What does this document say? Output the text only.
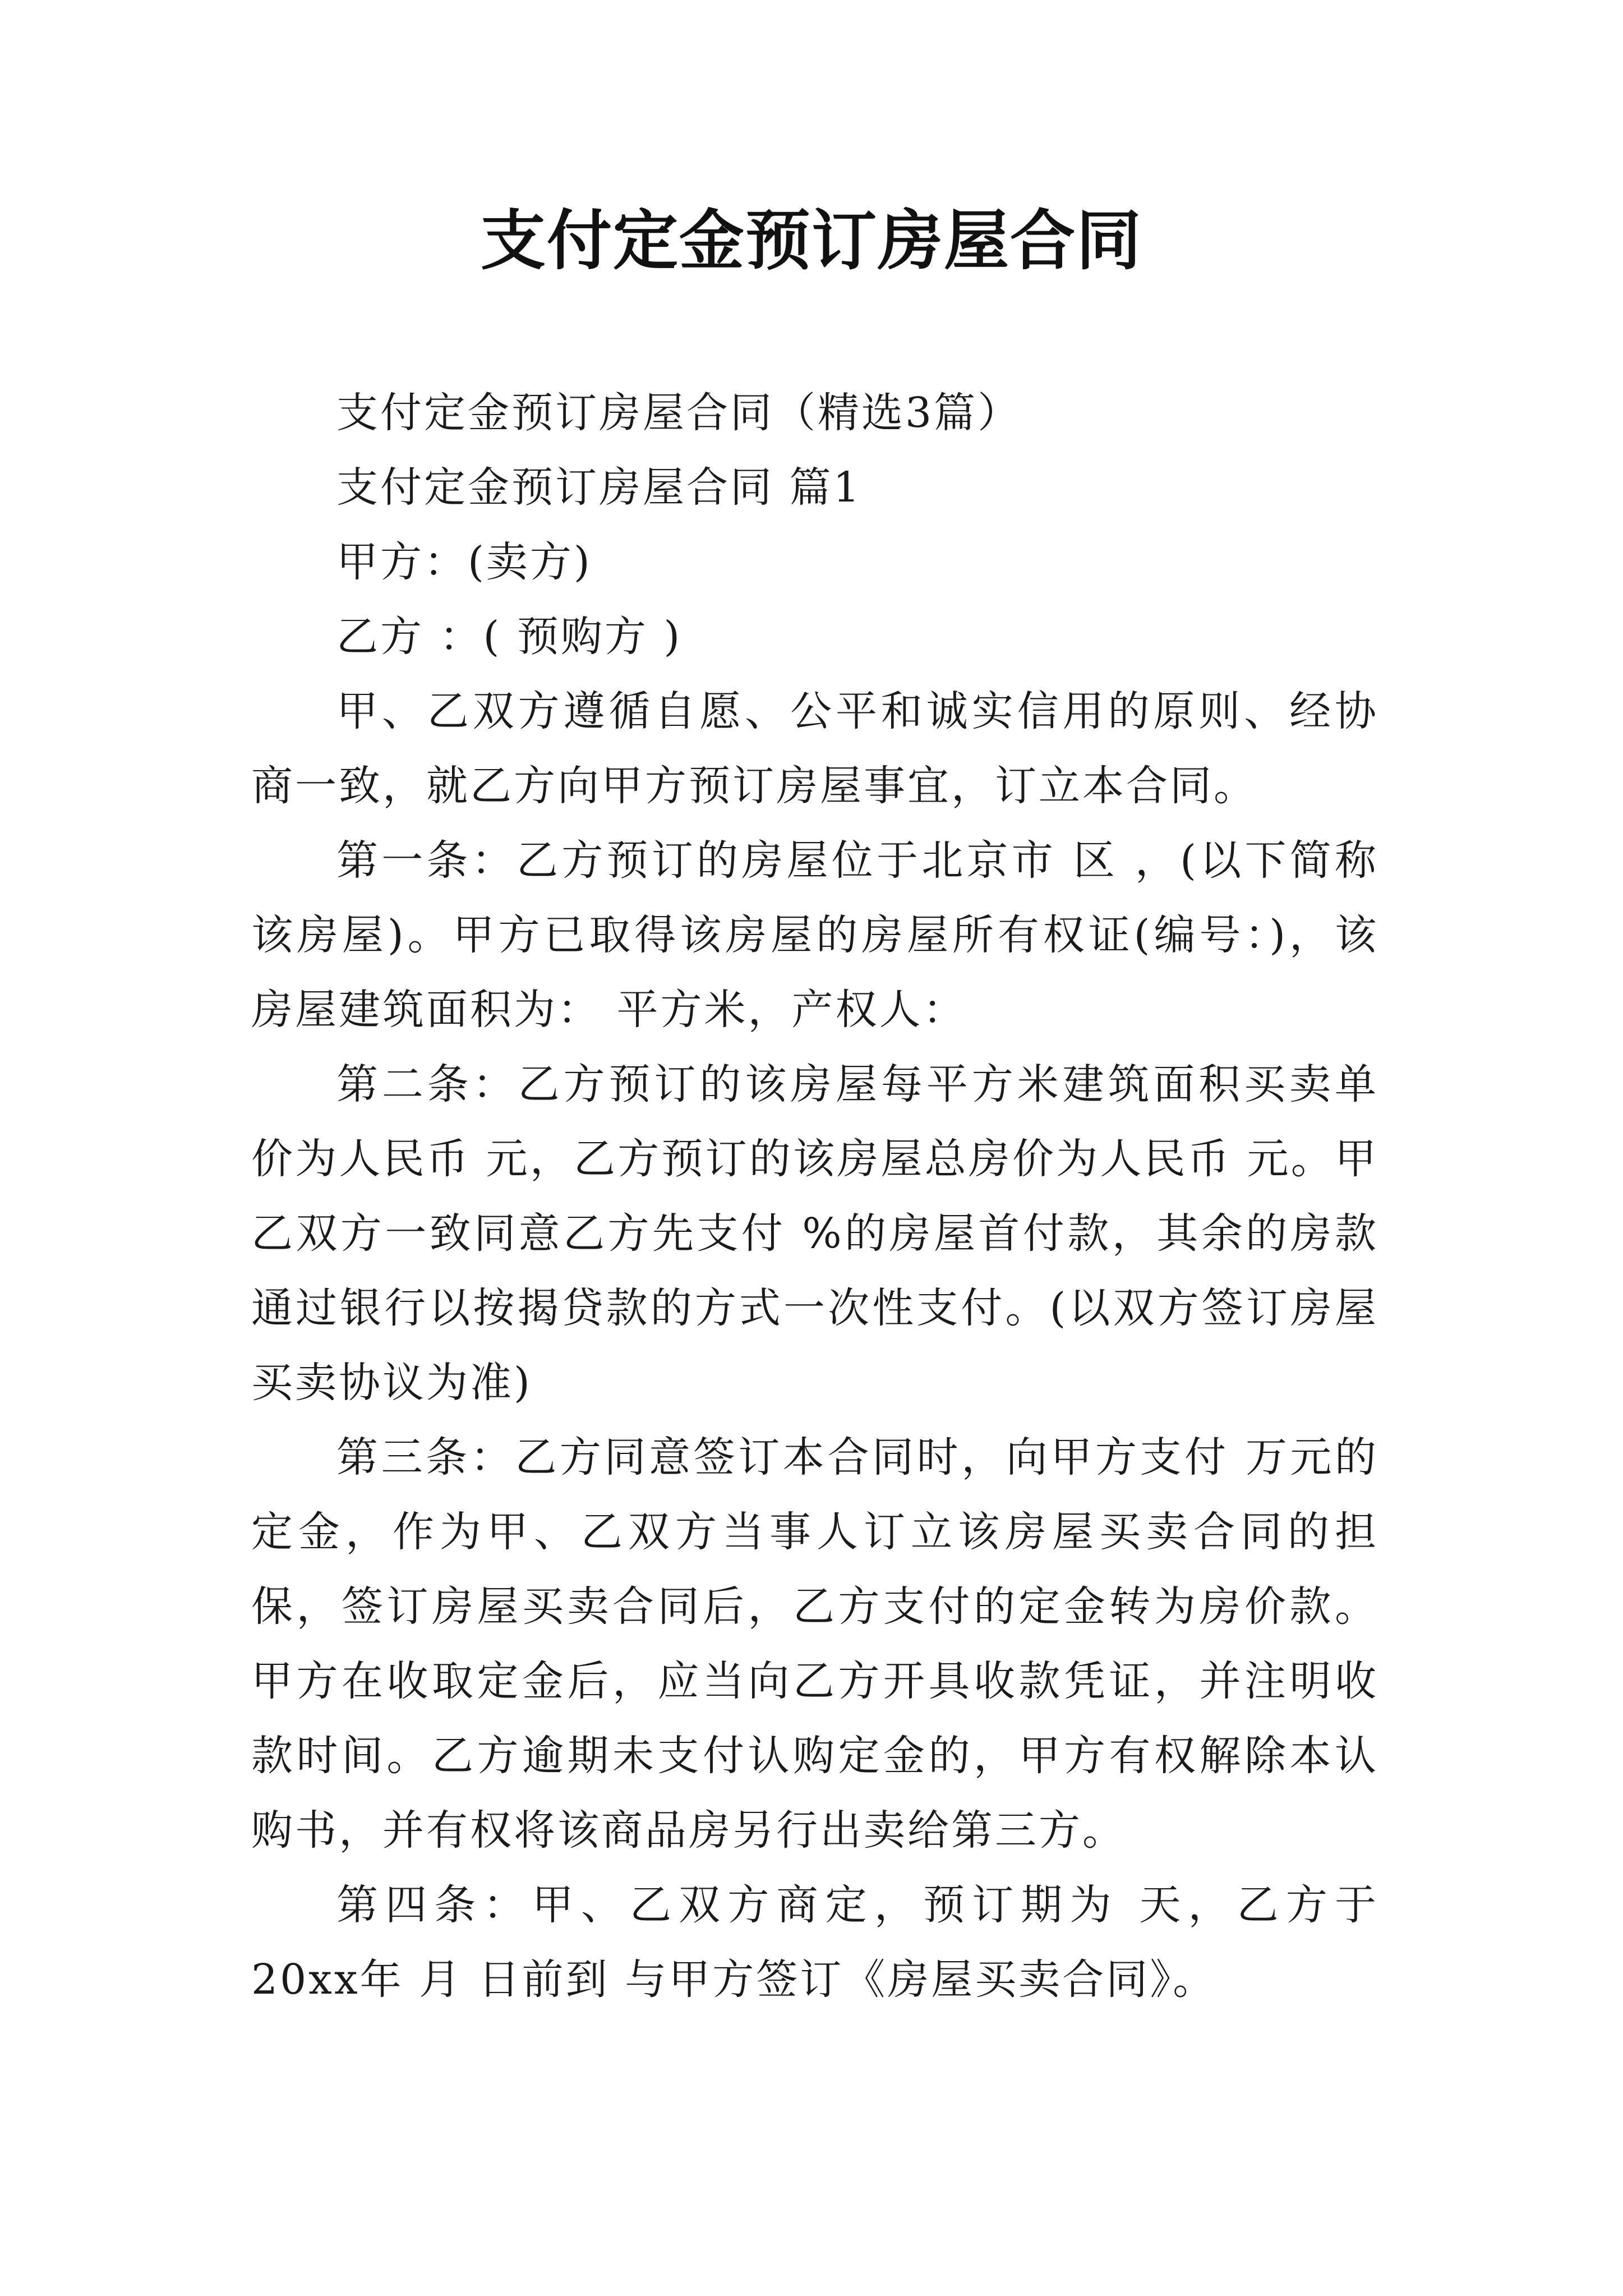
支付定金预订房屋合同

支付定金预订房屋合同（精选3篇）

支付定金预订房屋合同 篇1

甲方：(卖方)

乙方 ：( 预购方 )

甲、乙双方遵循自愿、公平和诚实信用的原则、经协商一致，就乙方向甲方预订房屋事宜，订立本合同。

第一条：乙方预订的房屋位于北京市 区 ，(以下简称该房屋)。甲方已取得该房屋的房屋所有权证(编号：)，该房屋建筑面积为： 平方米，产权人：

第二条：乙方预订的该房屋每平方米建筑面积买卖单价为人民币 元，乙方预订的该房屋总房价为人民币 元。甲乙双方一致同意乙方先支付 %的房屋首付款，其余的房款通过银行以按揭贷款的方式一次性支付。(以双方签订房屋买卖协议为准)

第三条：乙方同意签订本合同时，向甲方支付 万元的定金，作为甲、乙双方当事人订立该房屋买卖合同的担保，签订房屋买卖合同后，乙方支付的定金转为房价款。甲方在收取定金后，应当向乙方开具收款凭证，并注明收款时间。乙方逾期未支付认购定金的，甲方有权解除本认购书，并有权将该商品房另行出卖给第三方。

第四条：甲、乙双方商定，预订期为 天，乙方于20xx年 月 日前到 与甲方签订《房屋买卖合同》。
